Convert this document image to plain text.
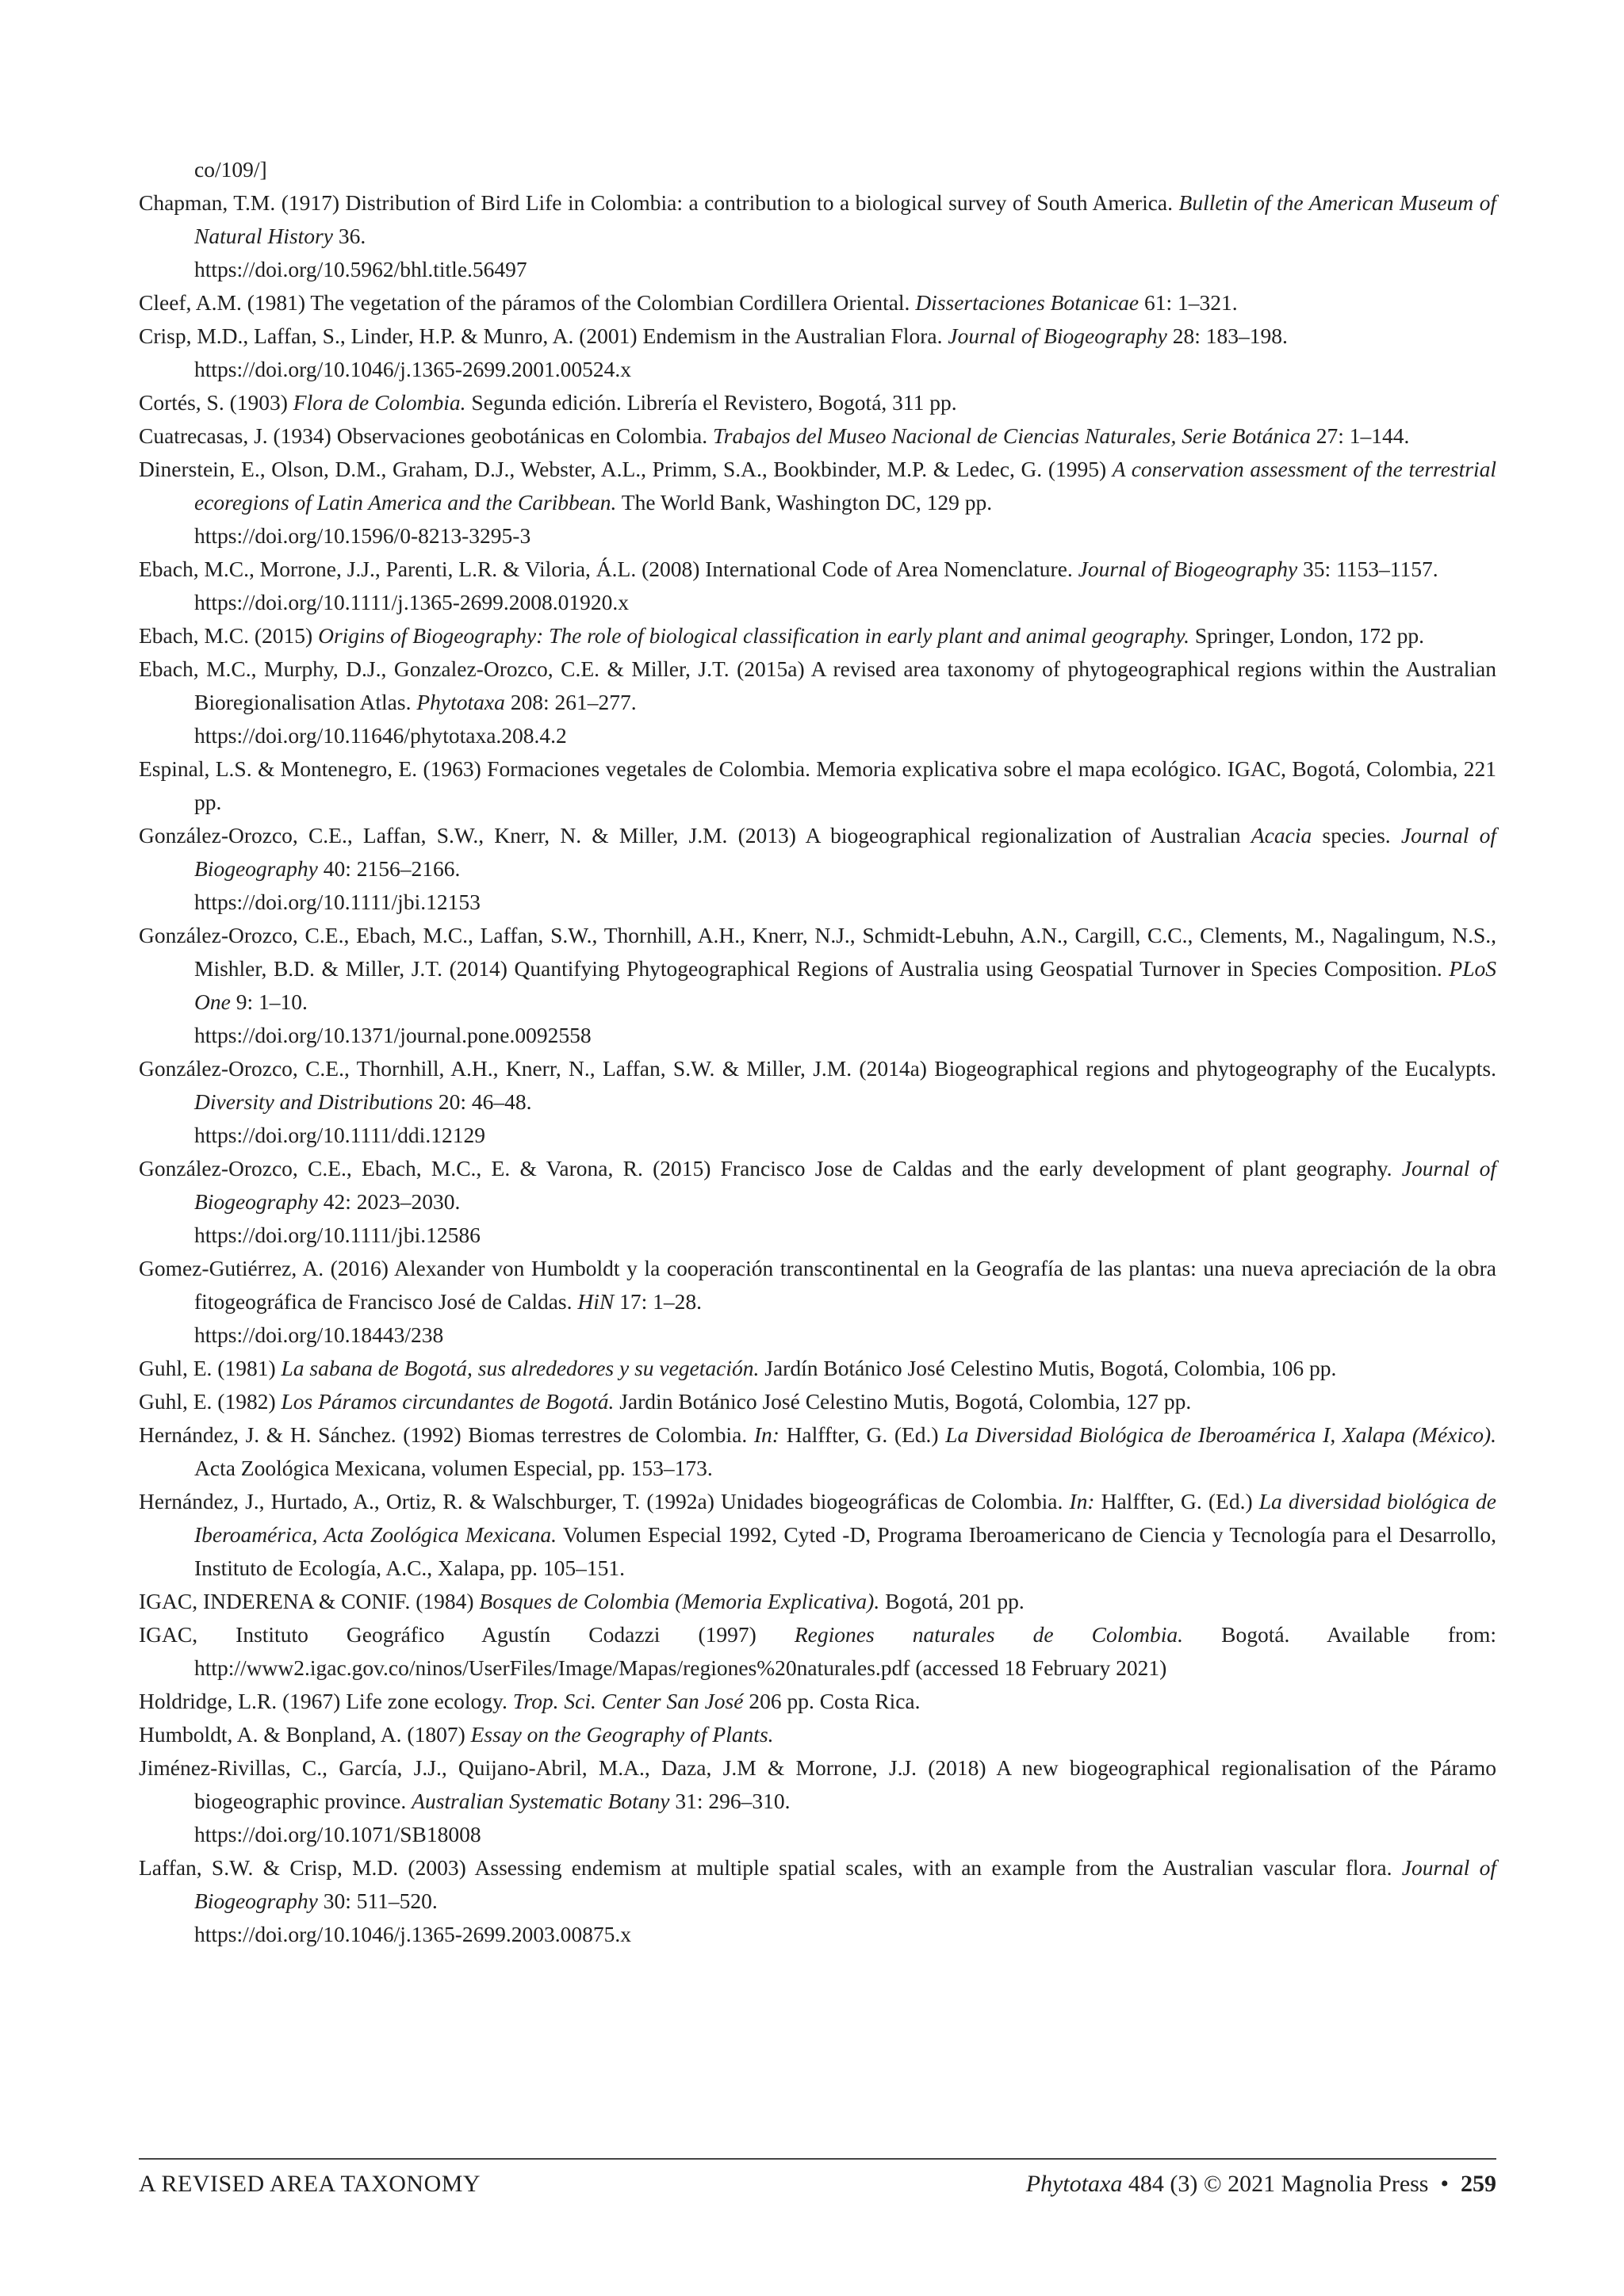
co/109/]

Chapman, T.M. (1917) Distribution of Bird Life in Colombia: a contribution to a biological survey of South America. Bulletin of the American Museum of Natural History 36.
https://doi.org/10.5962/bhl.title.56497

Cleef, A.M. (1981) The vegetation of the páramos of the Colombian Cordillera Oriental. Dissertaciones Botanicae 61: 1–321.

Crisp, M.D., Laffan, S., Linder, H.P. & Munro, A. (2001) Endemism in the Australian Flora. Journal of Biogeography 28: 183–198.
https://doi.org/10.1046/j.1365-2699.2001.00524.x

Cortés, S. (1903) Flora de Colombia. Segunda edición. Librería el Revistero, Bogotá, 311 pp.

Cuatrecasas, J. (1934) Observaciones geobotánicas en Colombia. Trabajos del Museo Nacional de Ciencias Naturales, Serie Botánica 27: 1–144.

Dinerstein, E., Olson, D.M., Graham, D.J., Webster, A.L., Primm, S.A., Bookbinder, M.P. & Ledec, G. (1995) A conservation assessment of the terrestrial ecoregions of Latin America and the Caribbean. The World Bank, Washington DC, 129 pp.
https://doi.org/10.1596/0-8213-3295-3

Ebach, M.C., Morrone, J.J., Parenti, L.R. & Viloria, Á.L. (2008) International Code of Area Nomenclature. Journal of Biogeography 35: 1153–1157.
https://doi.org/10.1111/j.1365-2699.2008.01920.x

Ebach, M.C. (2015) Origins of Biogeography: The role of biological classification in early plant and animal geography. Springer, London, 172 pp.

Ebach, M.C., Murphy, D.J., Gonzalez-Orozco, C.E. & Miller, J.T. (2015a) A revised area taxonomy of phytogeographical regions within the Australian Bioregionalisation Atlas. Phytotaxa 208: 261–277.
https://doi.org/10.11646/phytotaxa.208.4.2

Espinal, L.S. & Montenegro, E. (1963) Formaciones vegetales de Colombia. Memoria explicativa sobre el mapa ecológico. IGAC, Bogotá, Colombia, 221 pp.

González-Orozco, C.E., Laffan, S.W., Knerr, N. & Miller, J.M. (2013) A biogeographical regionalization of Australian Acacia species. Journal of Biogeography 40: 2156–2166.
https://doi.org/10.1111/jbi.12153

González-Orozco, C.E., Ebach, M.C., Laffan, S.W., Thornhill, A.H., Knerr, N.J., Schmidt-Lebuhn, A.N., Cargill, C.C., Clements, M., Nagalingum, N.S., Mishler, B.D. & Miller, J.T. (2014) Quantifying Phytogeographical Regions of Australia using Geospatial Turnover in Species Composition. PLoS One 9: 1–10.
https://doi.org/10.1371/journal.pone.0092558

González-Orozco, C.E., Thornhill, A.H., Knerr, N., Laffan, S.W. & Miller, J.M. (2014a) Biogeographical regions and phytogeography of the Eucalypts. Diversity and Distributions 20: 46–48.
https://doi.org/10.1111/ddi.12129

González-Orozco, C.E., Ebach, M.C., E. & Varona, R. (2015) Francisco Jose de Caldas and the early development of plant geography. Journal of Biogeography 42: 2023–2030.
https://doi.org/10.1111/jbi.12586

Gomez-Gutiérrez, A. (2016) Alexander von Humboldt y la cooperación transcontinental en la Geografía de las plantas: una nueva apreciación de la obra fitogeográfica de Francisco José de Caldas. HiN 17: 1–28.
https://doi.org/10.18443/238

Guhl, E. (1981) La sabana de Bogotá, sus alrededores y su vegetación. Jardín Botánico José Celestino Mutis, Bogotá, Colombia, 106 pp.

Guhl, E. (1982) Los Páramos circundantes de Bogotá. Jardin Botánico José Celestino Mutis, Bogotá, Colombia, 127 pp.

Hernández, J. & H. Sánchez. (1992) Biomas terrestres de Colombia. In: Halffter, G. (Ed.) La Diversidad Biológica de Iberoamérica I, Xalapa (México). Acta Zoológica Mexicana, volumen Especial, pp. 153–173.

Hernández, J., Hurtado, A., Ortiz, R. & Walschburger, T. (1992a) Unidades biogeográficas de Colombia. In: Halffter, G. (Ed.) La diversidad biológica de Iberoamérica, Acta Zoológica Mexicana. Volumen Especial 1992, Cyted -D, Programa Iberoamericano de Ciencia y Tecnología para el Desarrollo, Instituto de Ecología, A.C., Xalapa, pp. 105–151.

IGAC, INDERENA & CONIF. (1984) Bosques de Colombia (Memoria Explicativa). Bogotá, 201 pp.

IGAC, Instituto Geográfico Agustín Codazzi (1997) Regiones naturales de Colombia. Bogotá. Available from: http://www2.igac.gov.co/ninos/UserFiles/Image/Mapas/regiones%20naturales.pdf (accessed 18 February 2021)

Holdridge, L.R. (1967) Life zone ecology. Trop. Sci. Center San José 206 pp. Costa Rica.

Humboldt, A. & Bonpland, A. (1807) Essay on the Geography of Plants.

Jiménez-Rivillas, C., García, J.J., Quijano-Abril, M.A., Daza, J.M & Morrone, J.J. (2018) A new biogeographical regionalisation of the Páramo biogeographic province. Australian Systematic Botany 31: 296–310.
https://doi.org/10.1071/SB18008

Laffan, S.W. & Crisp, M.D. (2003) Assessing endemism at multiple spatial scales, with an example from the Australian vascular flora. Journal of Biogeography 30: 511–520.
https://doi.org/10.1046/j.1365-2699.2003.00875.x

A REVISED AREA TAXONOMY	Phytotaxa 484 (3) © 2021 Magnolia Press • 259
